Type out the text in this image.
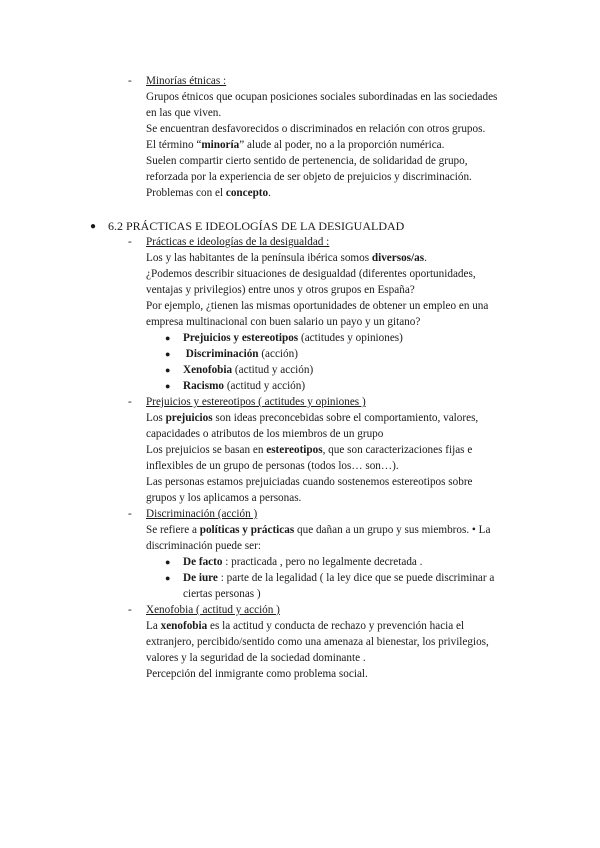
- Minorías étnicas :
Grupos étnicos que ocupan posiciones sociales subordinadas en las sociedades
en las que viven.
Se encuentran desfavorecidos o discriminados en relación con otros grupos.
El término “minoría” alude al poder, no a la proporción numérica.
Suelen compartir cierto sentido de pertenencia, de solidaridad de grupo,
reforzada por la experiencia de ser objeto de prejuicios y discriminación.
Problemas con el concepto.
● 6.2 PRÁCTICAS E IDEOLOGÍAS DE LA DESIGUALDAD
- Prácticas e ideologías de la desigualdad :
Los y las habitantes de la península ibérica somos diversos/as.
¿Podemos describir situaciones de desigualdad (diferentes oportunidades,
ventajas y privilegios) entre unos y otros grupos en España?
Por ejemplo, ¿tienen las mismas oportunidades de obtener un empleo en una
empresa multinacional con buen salario un payo y un gitano?
● Prejuicios y estereotipos (actitudes y opiniones)
● Discriminación (acción)
● Xenofobia (actitud y acción)
● Racismo (actitud y acción)
- Prejuicios y estereotipos ( actitudes y opiniones )
Los prejuicios son ideas preconcebidas sobre el comportamiento, valores,
capacidades o atributos de los miembros de un grupo
Los prejuicios se basan en estereotipos, que son caracterizaciones fijas e
inflexibles de un grupo de personas (todos los… son…).
Las personas estamos prejuiciadas cuando sostenemos estereotipos sobre
grupos y los aplicamos a personas.
- Discriminación (acción )
Se refiere a políticas y prácticas que dañan a un grupo y sus miembros. • La
discriminación puede ser:
● De facto : practicada , pero no legalmente decretada .
● De iure : parte de la legalidad ( la ley dice que se puede discriminar a
ciertas personas )
- Xenofobia ( actitud y acción )
La xenofobia es la actitud y conducta de rechazo y prevención hacia el
extranjero, percibido/sentido como una amenaza al bienestar, los privilegios,
valores y la seguridad de la sociedad dominante .
Percepción del inmigrante como problema social.
